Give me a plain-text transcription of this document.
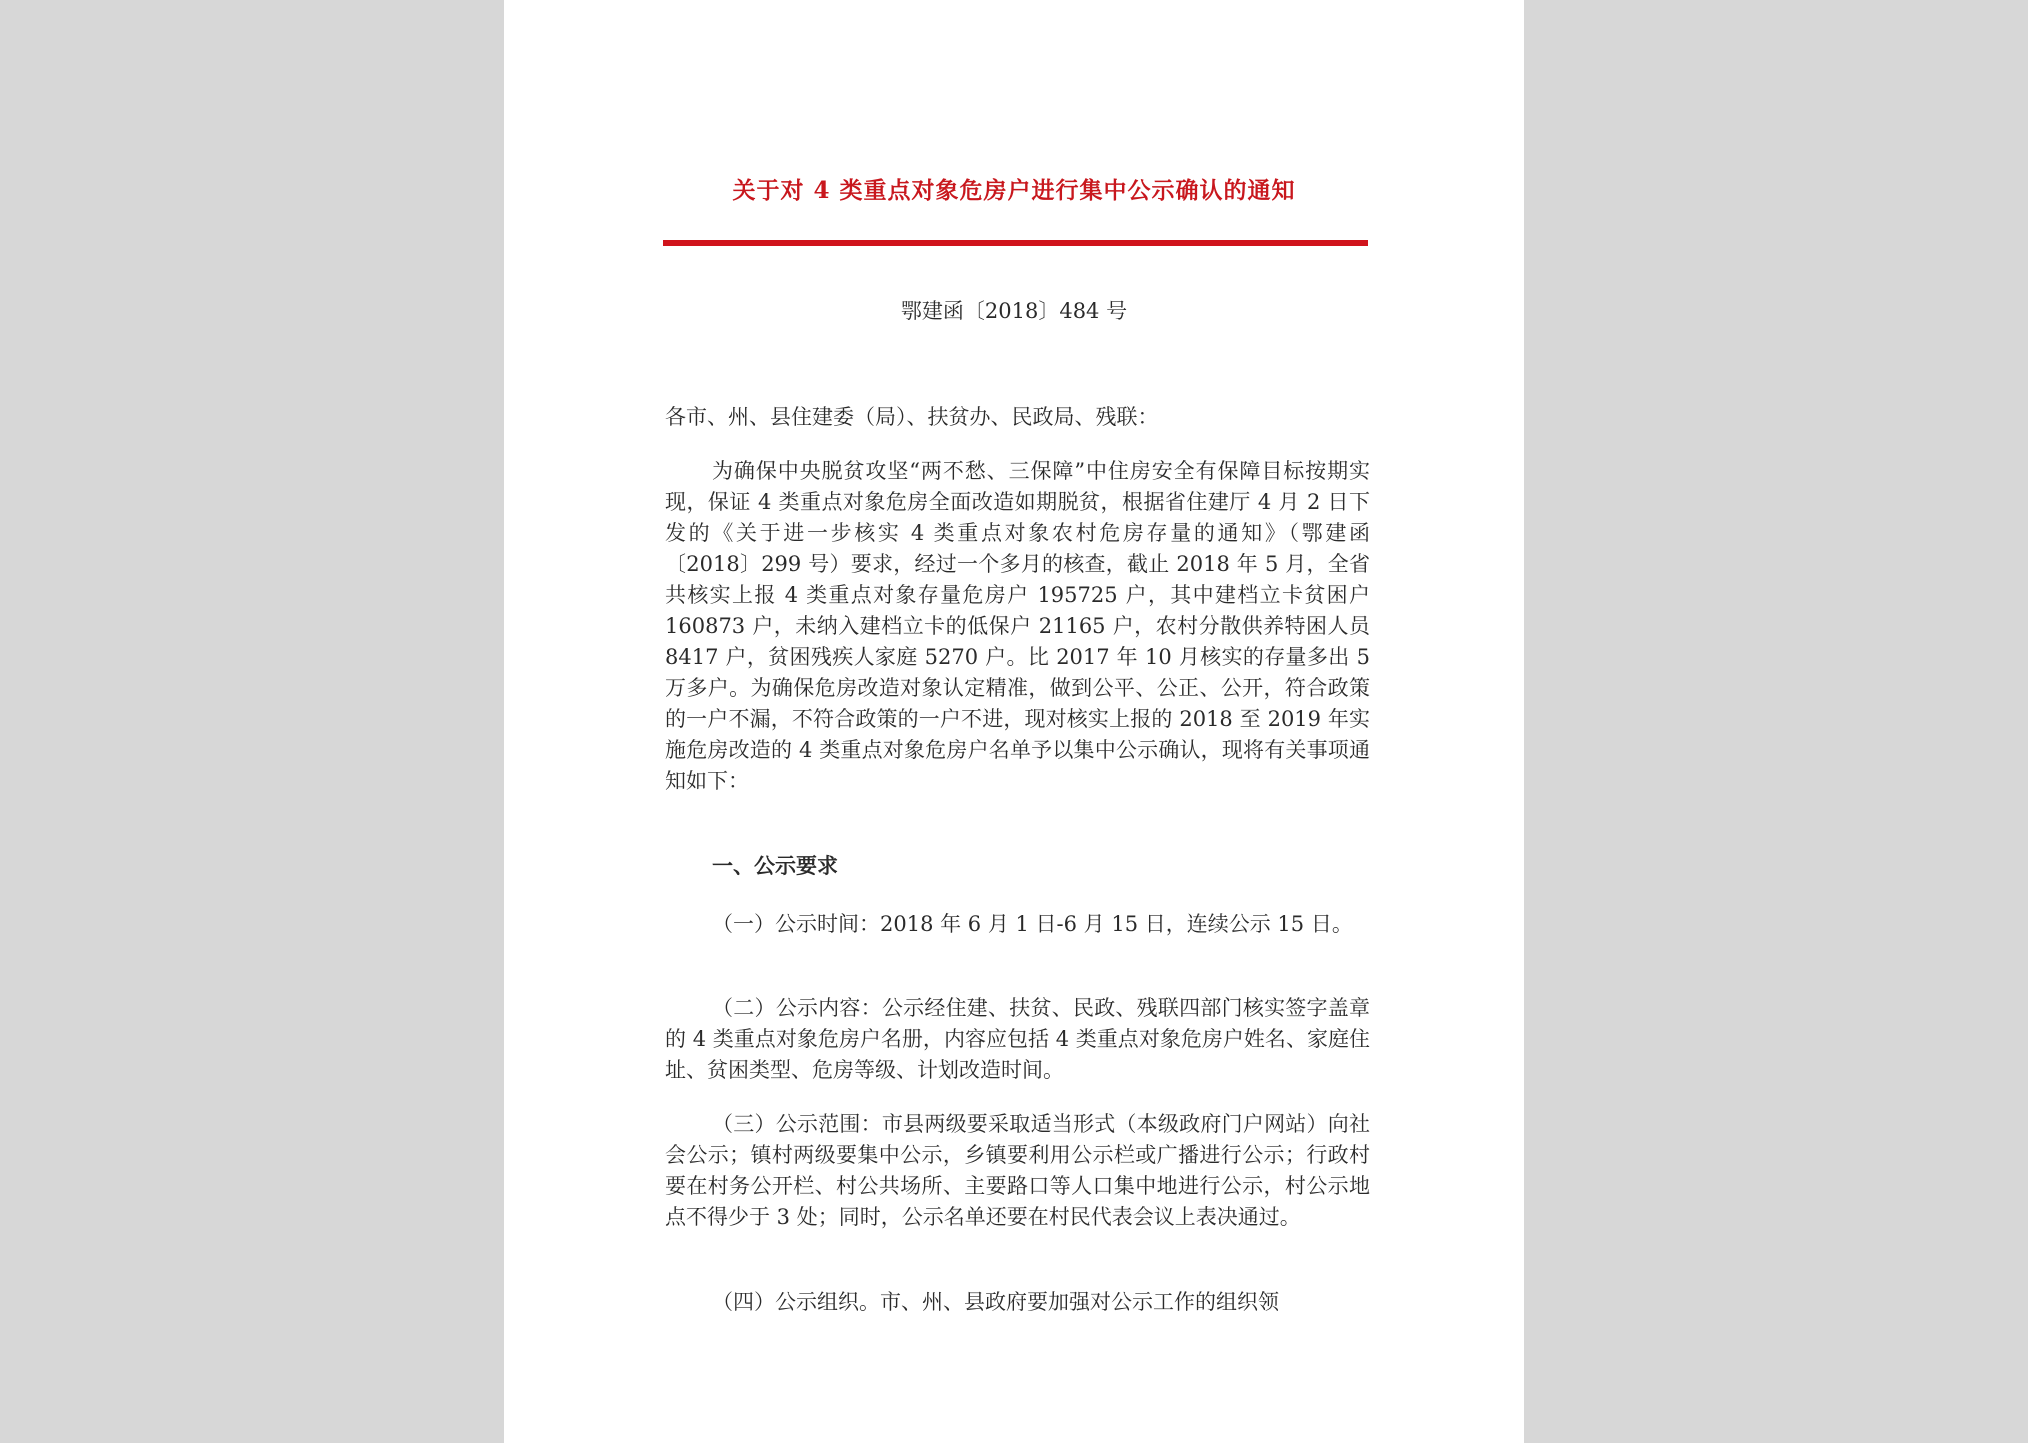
关于对 4 类重点对象危房户进行集中公示确认的通知
鄂建函〔2018〕484 号
各市、州、县住建委（局）、扶贫办、民政局、残联：

为确保中央脱贫攻坚“两不愁、三保障”中住房安全有保障目标按期实现，保证 4 类重点对象危房全面改造如期脱贫，根据省住建厅 4 月 2 日下发的《关于进一步核实 4 类重点对象农村危房存量的通知》（鄂建函〔2018〕299 号）要求，经过一个多月的核查，截止 2018 年 5 月，全省共核实上报 4 类重点对象存量危房户 195725 户，其中建档立卡贫困户 160873 户，未纳入建档立卡的低保户 21165 户，农村分散供养特困人员 8417 户，贫困残疾人家庭 5270 户。比 2017 年 10 月核实的存量多出 5 万多户。为确保危房改造对象认定精准，做到公平、公正、公开，符合政策的一户不漏，不符合政策的一户不进，现对核实上报的 2018 至 2019 年实施危房改造的 4 类重点对象危房户名单予以集中公示确认，现将有关事项通知如下：

一、公示要求

（一）公示时间：2018 年 6 月 1 日-6 月 15 日，连续公示 15 日。

（二）公示内容：公示经住建、扶贫、民政、残联四部门核实签字盖章的 4 类重点对象危房户名册，内容应包括 4 类重点对象危房户姓名、家庭住址、贫困类型、危房等级、计划改造时间。

（三）公示范围：市县两级要采取适当形式（本级政府门户网站）向社会公示；镇村两级要集中公示，乡镇要利用公示栏或广播进行公示；行政村要在村务公开栏、村公共场所、主要路口等人口集中地进行公示，村公示地点不得少于 3 处；同时，公示名单还要在村民代表会议上表决通过。

（四）公示组织。市、州、县政府要加强对公示工作的组织领
